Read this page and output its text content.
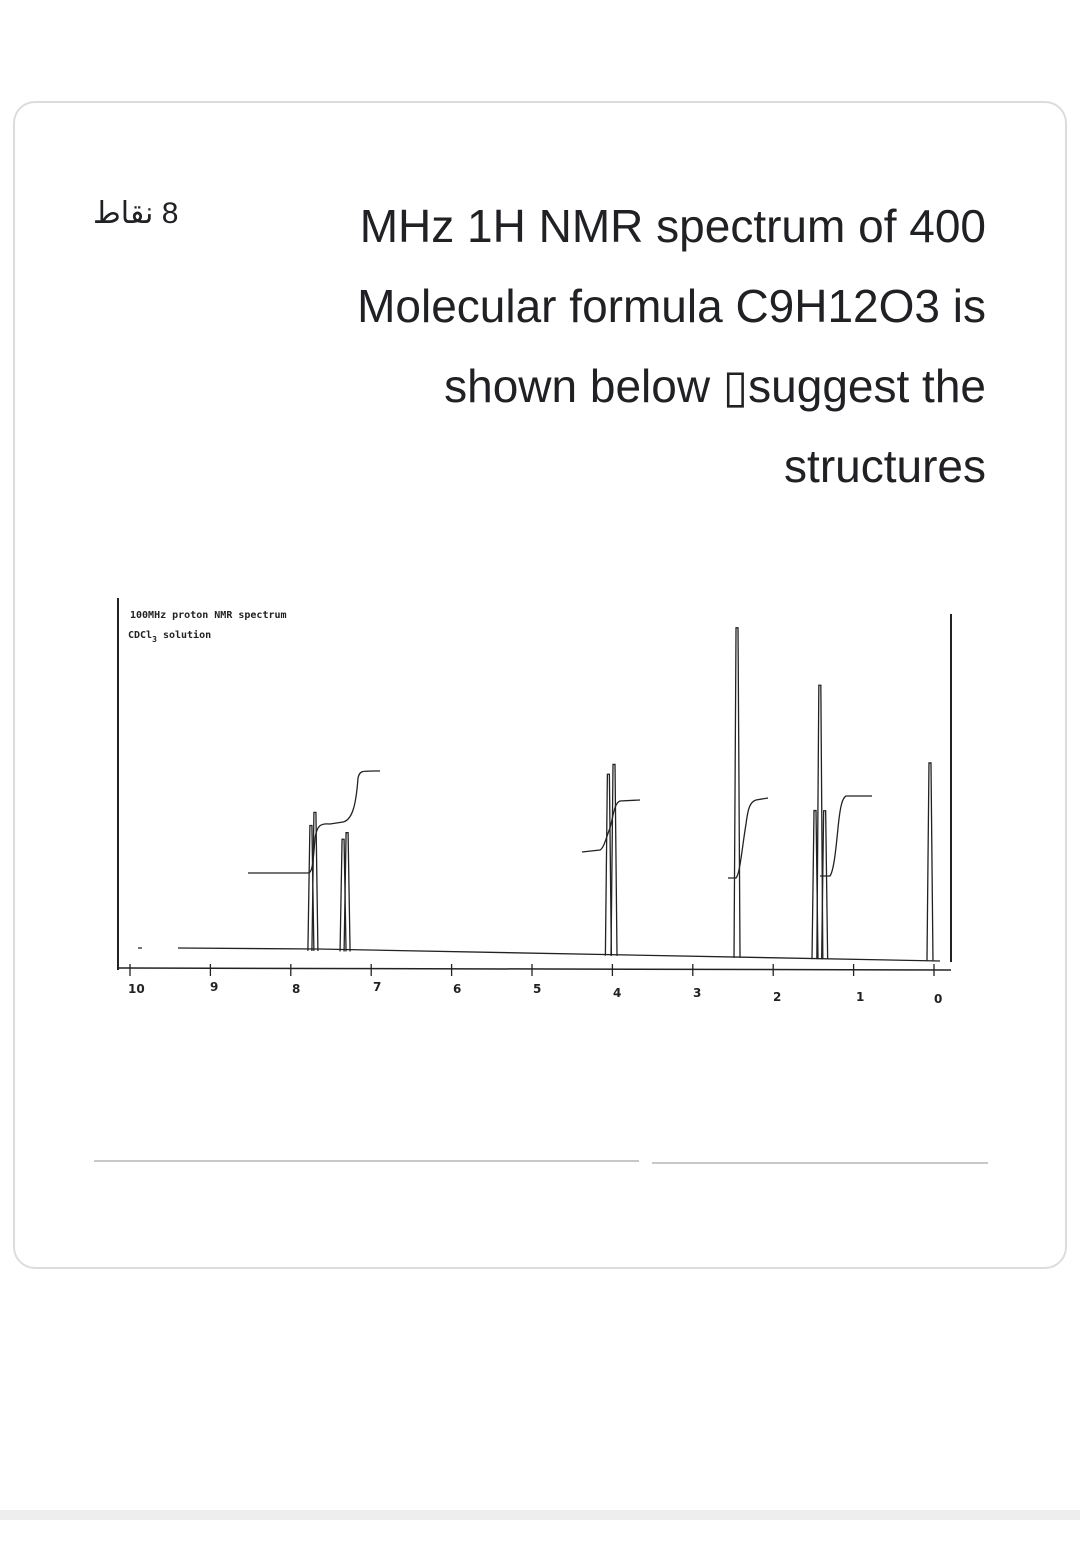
8 نقاط	MHz 1H NMR spectrum of 400
Molecular formula C9H12O3 is
shown below ▯suggest the
structures
100MHz proton NMR spectrum
CDCl$_3$ solution
10	9	8	7	6	5	4	3	2	1	0
